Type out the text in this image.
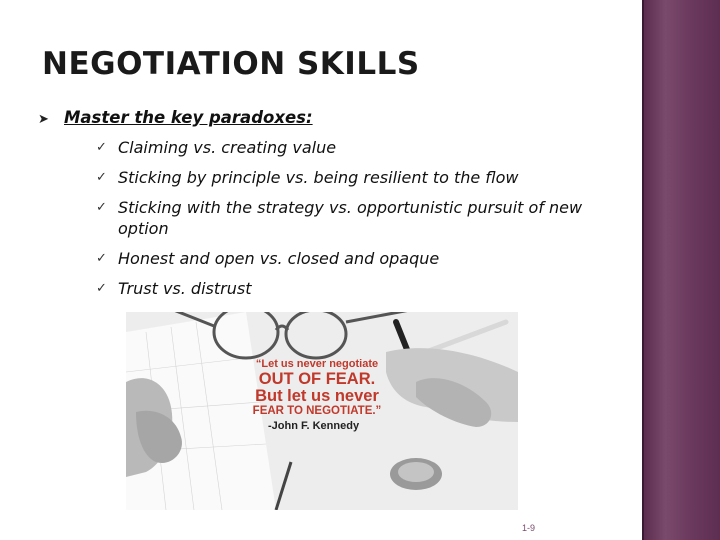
NEGOTIATION SKILLS
➤ Master the key paradoxes:
✓ Claiming vs. creating value
✓ Sticking by principle vs. being resilient to the flow
✓ Sticking with the strategy vs. opportunistic pursuit of new option
✓ Honest and open vs. closed and opaque
✓ Trust vs. distrust
“Let us never negotiate
OUT OF FEAR.
But let us never
FEAR TO NEGOTIATE.”
-John F. Kennedy
1-9
